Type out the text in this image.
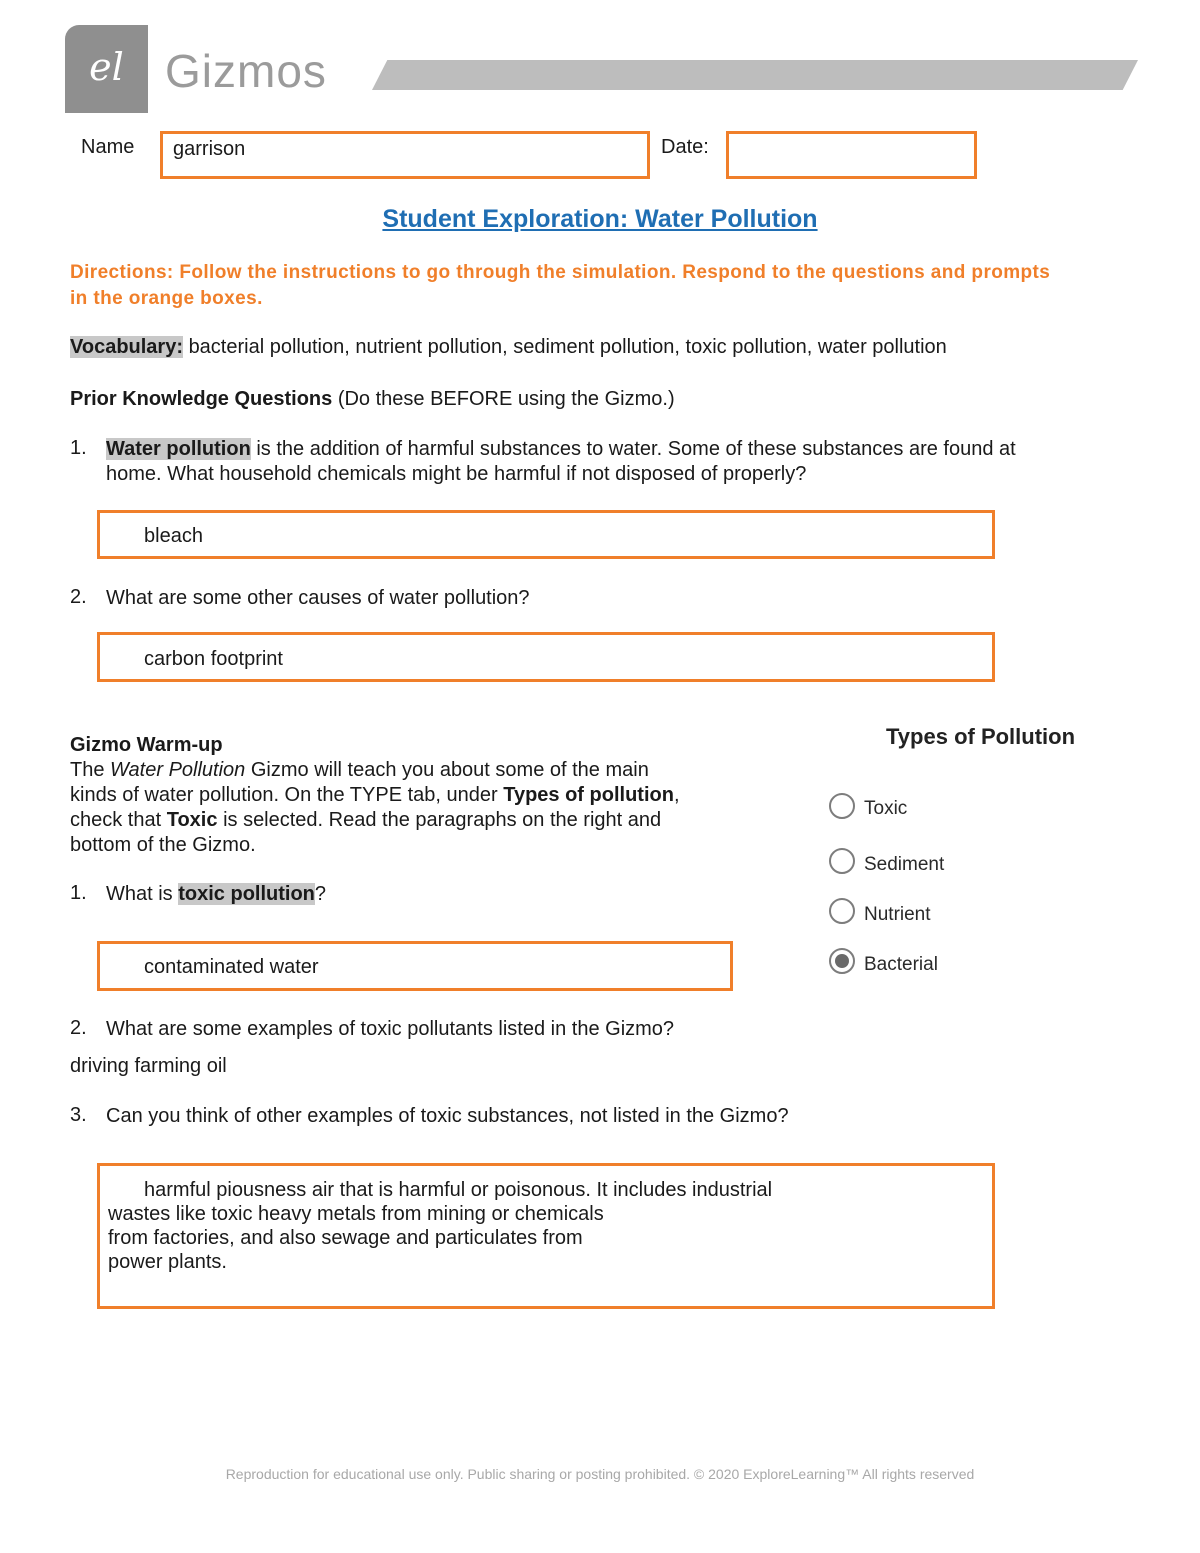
el Gizmos
Name garrison	Date:
Student Exploration: Water Pollution
Directions: Follow the instructions to go through the simulation. Respond to the questions and prompts in the orange boxes.
Vocabulary: bacterial pollution, nutrient pollution, sediment pollution, toxic pollution, water pollution
Prior Knowledge Questions (Do these BEFORE using the Gizmo.)
1. Water pollution is the addition of harmful substances to water. Some of these substances are found at
home. What household chemicals might be harmful if not disposed of properly?
bleach
2. What are some other causes of water pollution?
carbon footprint
Gizmo Warm-up
The Water Pollution Gizmo will teach you about some of the main
kinds of water pollution. On the TYPE tab, under Types of pollution,
check that Toxic is selected. Read the paragraphs on the right and
bottom of the Gizmo.
1. What is toxic pollution?
contaminated water
2. What are some examples of toxic pollutants listed in the Gizmo?
driving farming oil
3. Can you think of other examples of toxic substances, not listed in the Gizmo?
harmful piousness air that is harmful or poisonous. It includes industrial
wastes like toxic heavy metals from mining or chemicals
from factories, and also sewage and particulates from
power plants.
Types of Pollution
Toxic
Sediment
Nutrient
Bacterial
Reproduction for educational use only. Public sharing or posting prohibited. © 2020 ExploreLearning™ All rights reserved
